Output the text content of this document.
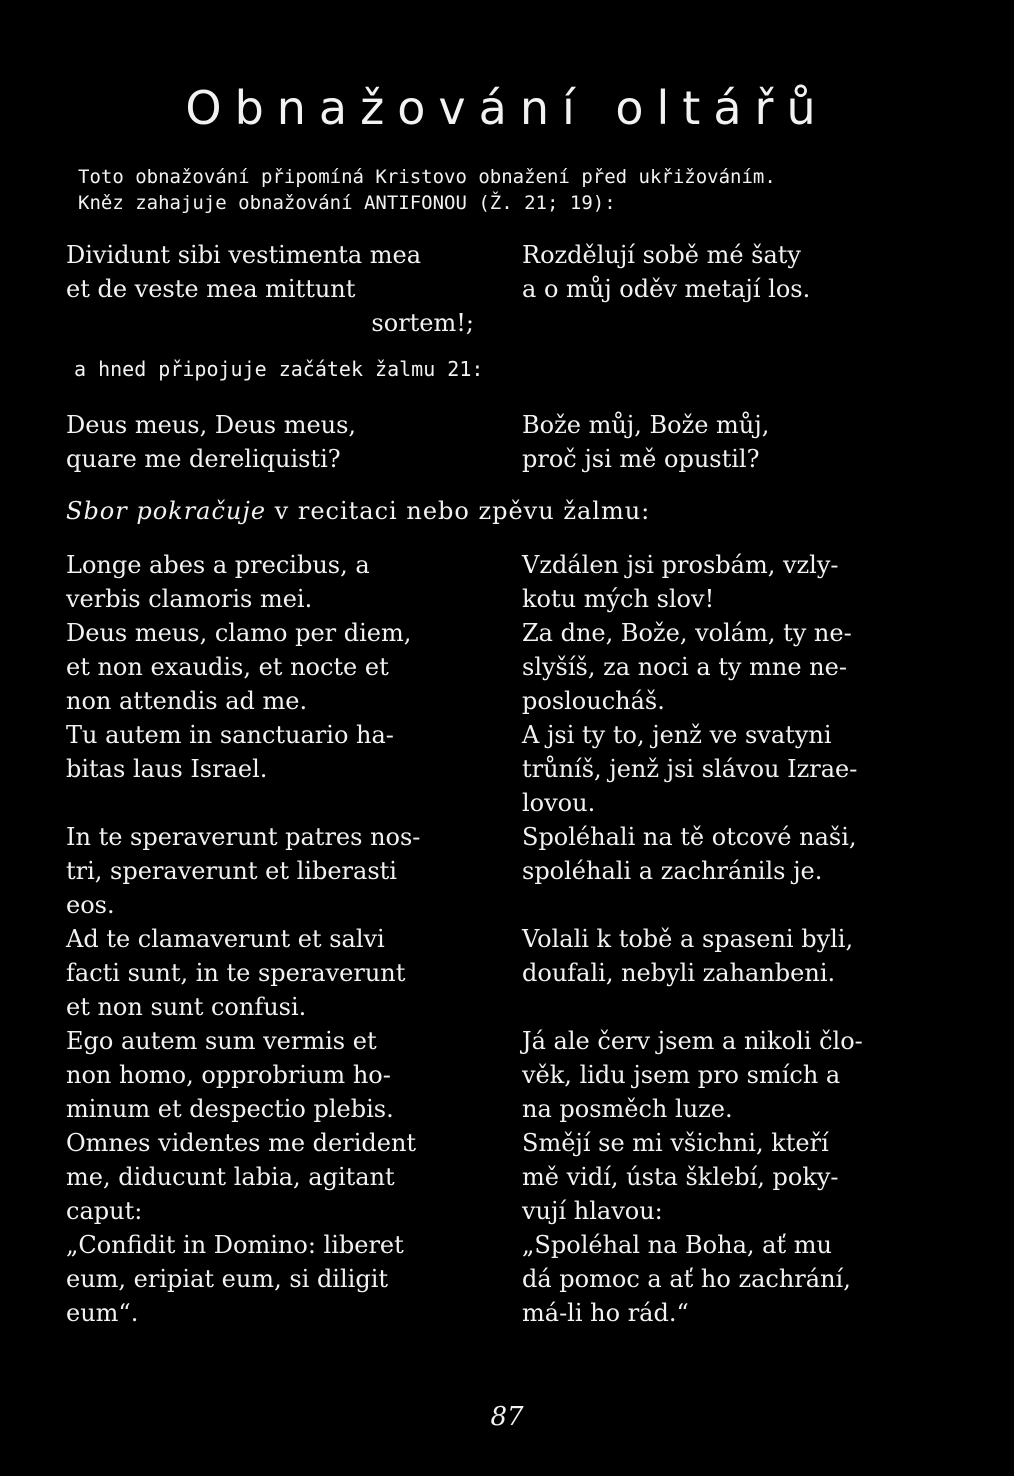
Obnažování oltářů
Toto obnažování připomíná Kristovo obnažení před ukřižováním.
Kněz zahajuje obnažování ANTIFONOU (Ž. 21; 19):
Dividunt sibi vestimenta mea
et de veste mea mittunt
sortem!;
Rozdělují sobě mé šaty
a o můj oděv metají los.
a hned připojuje začátek žalmu 21:
Deus meus, Deus meus,
quare me dereliquisti?
Bože můj, Bože můj,
proč jsi mě opustil?
Sbor pokračuje v recitaci nebo zpěvu žalmu:
Longe abes a precibus, a
verbis clamoris mei.
Deus meus, clamo per diem,
et non exaudis, et nocte et
non attendis ad me.
Tu autem in sanctuario ha-
bitas laus Israel.
In te speraverunt patres nos-
tri, speraverunt et liberasti
eos.
Ad te clamaverunt et salvi
facti sunt, in te speraverunt
et non sunt confusi.
Ego autem sum vermis et
non homo, opprobrium ho-
minum et despectio plebis.
Omnes videntes me derident
me, diducunt labia, agitant
caput:
„Confidit in Domino: liberet
eum, eripiat eum, si diligit
eum“.
Vzdálen jsi prosbám, vzly-
kotu mých slov!
Za dne, Bože, volám, ty ne-
slyšíš, za noci a ty mne ne-
posloucháš.
A jsi ty to, jenž ve svatyni
trůníš, jenž jsi slávou Izrae-
lovou.
Spoléhali na tě otcové naši,
spoléhali a zachránils je.
Volali k tobě a spaseni byli,
doufali, nebyli zahanbeni.
Já ale červ jsem a nikoli člo-
věk, lidu jsem pro smích a
na posměch luze.
Smějí se mi všichni, kteří
mě vidí, ústa šklebí, poky-
vují hlavou:
„Spoléhal na Boha, ať mu
dá pomoc a ať ho zachrání,
má-li ho rád.“
87
